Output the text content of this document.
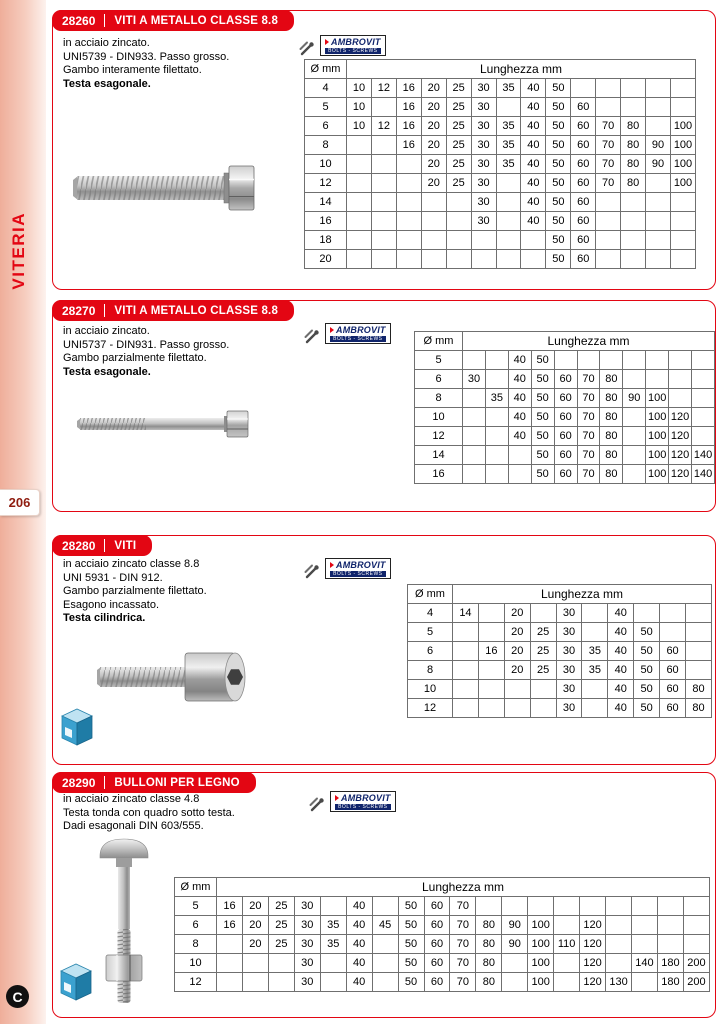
VITERIA
206
C
28260 VITI A METALLO CLASSE 8.8
in acciaio zincato.
UNI5739 - DIN933. Passo grosso.
Gambo interamente filettato.
Testa esagonale.
AMBROVIT
BOLTS - SCREWS
Ø mm	Lunghezza mm													
4	10	12	16	20	25	30	35	40	50					
5	10		16	20	25	30		40	50	60				
6	10	12	16	20	25	30	35	40	50	60	70	80		100
8			16	20	25	30	35	40	50	60	70	80	90	100
10				20	25	30	35	40	50	60	70	80	90	100
12				20	25	30		40	50	60	70	80		100
14						30		40	50	60				
16						30		40	50	60				
18									50	60				
20									50	60				
28270 VITI A METALLO CLASSE 8.8
in acciaio zincato.
UNI5737 - DIN931. Passo grosso.
Gambo parzialmente filettato.
Testa esagonale.
AMBROVIT
BOLTS - SCREWS	Ø mm	Lunghezza mm										
5			40	50							
6	30		40	50	60	70	80				
8		35	40	50	60	70	80	90	100		
10			40	50	60	70	80		100	120	
12			40	50	60	70	80		100	120	
14				50	60	70	80		100	120	140
16				50	60	70	80		100	120	140
28280 VITI
in acciaio zincato classe 8.8
UNI 5931 - DIN 912.
Gambo parzialmente filettato.
Esagono incassato.
Testa cilindrica.
AMBROVIT
BOLTS - SCREWS
Ø mm	Lunghezza mm									
4	14		20		30		40			
5			20	25	30		40	50		
6		16	20	25	30	35	40	50	60	
8			20	25	30	35	40	50	60	
10					30		40	50	60	80
12					30		40	50	60	80
28290 BULLONI PER LEGNO
in acciaio zincato classe 4.8
Testa tonda con quadro sotto testa.
Dadi esagonali DIN 603/555.
AMBROVIT
BOLTS - SCREWS
Ø mm	Lunghezza mm																		
5	16	20	25	30		40		50	60	70									
6	16	20	25	30	35	40	45	50	60	70	80	90	100		120				
8		20	25	30	35	40		50	60	70	80	90	100	110	120				
10				30		40		50	60	70	80		100		120		140	180	200
12				30		40		50	60	70	80		100		120	130		180	200
